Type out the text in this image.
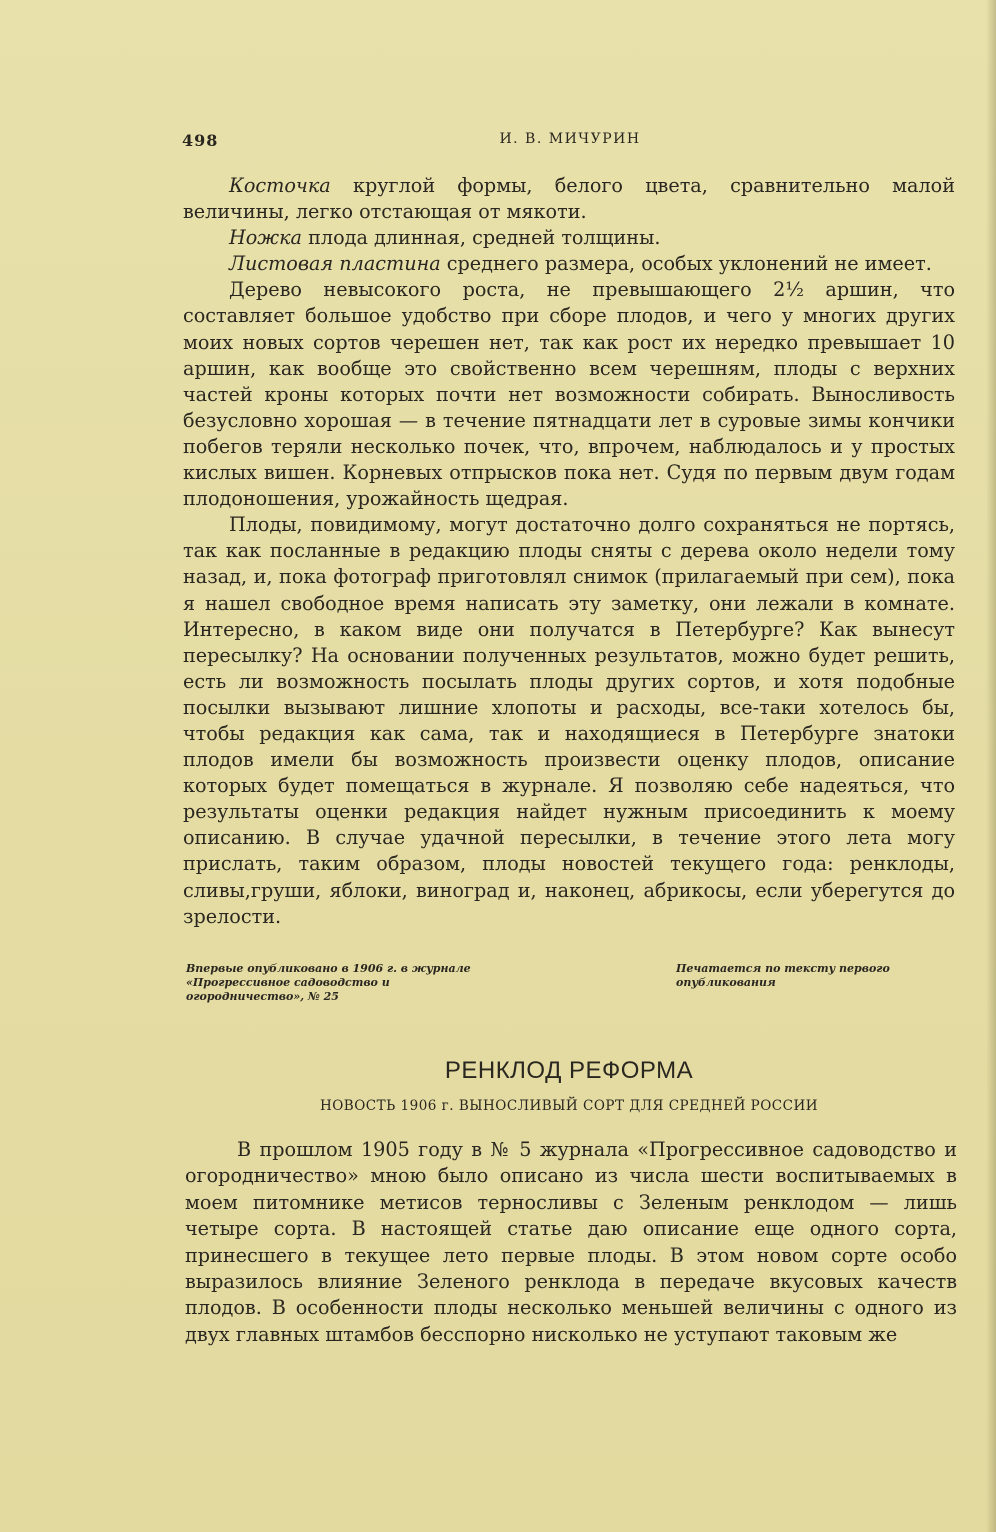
498	И. В. МИЧУРИН

Косточка круглой формы, белого цвета, сравнительно малой величины, легко отстающая от мякоти.

Ножка плода длинная, средней толщины.

Листовая пластина среднего размера, особых уклонений не имеет.

Дерево невысокого роста, не превышающего 2½ аршин, что составляет большое удобство при сборе плодов, и чего у многих других моих новых сортов черешен нет, так как рост их нередко превышает 10 аршин, как вообще это свойственно всем черешням, плоды с верхних частей кроны которых почти нет возможности собирать. Выносливость безусловно хорошая — в течение пятнадцати лет в суровые зимы кончики побегов теряли несколько почек, что, впрочем, наблюдалось и у простых кислых вишен. Корневых отпрысков пока нет. Судя по первым двум годам плодоношения, урожайность щедрая.

Плоды, повидимому, могут достаточно долго сохраняться не портясь, так как посланные в редакцию плоды сняты с дерева около недели тому назад, и, пока фотограф приготовлял снимок (прилагаемый при сем), пока я нашел свободное время написать эту заметку, они лежали в комнате. Интересно, в каком виде они получатся в Петербурге? Как вынесут пересылку? На основании полученных результатов, можно будет решить, есть ли возможность посылать плоды других сортов, и хотя подобные посылки вызывают лишние хлопоты и расходы, все-таки хотелось бы, чтобы редакция как сама, так и находящиеся в Петербурге знатоки плодов имели бы возможность произвести оценку плодов, описание которых будет помещаться в журнале. Я позволяю себе надеяться, что результаты оценки редакция найдет нужным присоединить к моему описанию. В случае удачной пересылки, в течение этого лета могу прислать, таким образом, плоды новостей текущего года: ренклоды, сливы,груши, яблоки, виноград и, наконец, абрикосы, если уберегутся до зрелости.

Впервые опубликовано в 1906 г. в журнале «Прогрессивное садоводство и огородничество», № 25
Печатается по тексту первого опубликования
РЕНКЛОД РЕФОРМА
НОВОСТЬ 1906 г. ВЫНОСЛИВЫЙ СОРТ ДЛЯ СРЕДНЕЙ РОССИИ

В прошлом 1905 году в № 5 журнала «Прогрессивное садоводство и огородничество» мною было описано из числа шести воспитываемых в моем питомнике метисов терносливы с Зеленым ренклодом — лишь четыре сорта. В настоящей статье даю описание еще одного сорта, принесшего в текущее лето первые плоды. В этом новом сорте особо выразилось влияние Зеленого ренклода в передаче вкусовых качеств плодов. В особенности плоды несколько меньшей величины с одного из двух главных штамбов бесспорно нисколько не уступают таковым же
